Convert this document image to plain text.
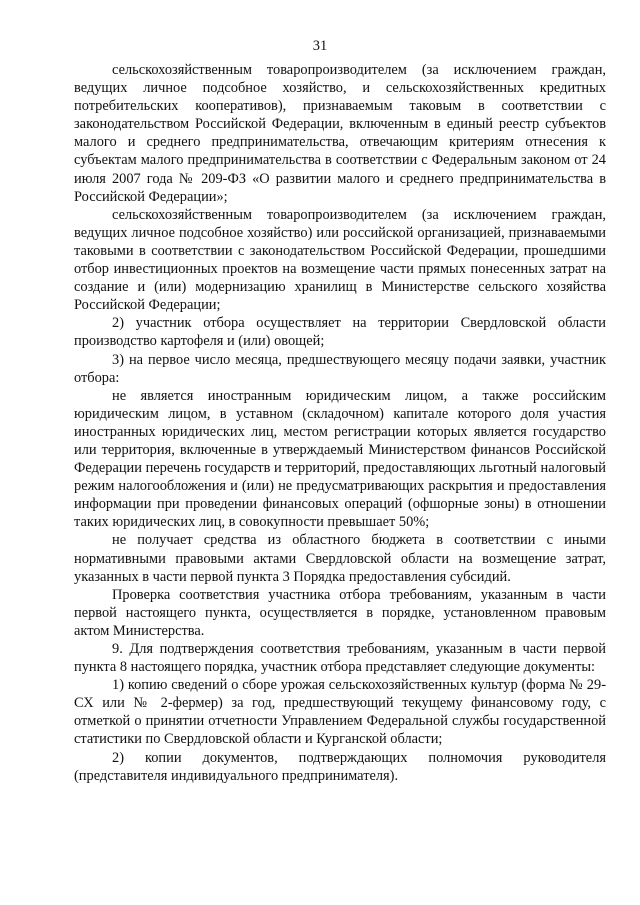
31

сельскохозяйственным товаропроизводителем (за исключением граждан, ведущих личное подсобное хозяйство, и сельскохозяйственных кредитных потребительских кооперативов), признаваемым таковым в соответствии с законодательством Российской Федерации, включенным в единый реестр субъектов малого и среднего предпринимательства, отвечающим критериям отнесения к субъектам малого предпринимательства в соответствии с Федеральным законом от 24 июля 2007 года № 209-ФЗ «О развитии малого и среднего предпринимательства в Российской Федерации»;

сельскохозяйственным товаропроизводителем (за исключением граждан, ведущих личное подсобное хозяйство) или российской организацией, признаваемыми таковыми в соответствии с законодательством Российской Федерации, прошедшими отбор инвестиционных проектов на возмещение части прямых понесенных затрат на создание и (или) модернизацию хранилищ в Министерстве сельского хозяйства Российской Федерации;

2) участник отбора осуществляет на территории Свердловской области производство картофеля и (или) овощей;

3) на первое число месяца, предшествующего месяцу подачи заявки, участник отбора:

не является иностранным юридическим лицом, а также российским юридическим лицом, в уставном (складочном) капитале которого доля участия иностранных юридических лиц, местом регистрации которых является государство или территория, включенные в утверждаемый Министерством финансов Российской Федерации перечень государств и территорий, предоставляющих льготный налоговый режим налогообложения и (или) не предусматривающих раскрытия и предоставления информации при проведении финансовых операций (офшорные зоны) в отношении таких юридических лиц, в совокупности превышает 50%;

не получает средства из областного бюджета в соответствии с иными нормативными правовыми актами Свердловской области на возмещение затрат, указанных в части первой пункта 3 Порядка предоставления субсидий.

Проверка соответствия участника отбора требованиям, указанным в части первой настоящего пункта, осуществляется в порядке, установленном правовым актом Министерства.

9. Для подтверждения соответствия требованиям, указанным в части первой пункта 8 настоящего порядка, участник отбора представляет следующие документы:

1) копию сведений о сборе урожая сельскохозяйственных культур (форма № 29-СХ или № 2-фермер) за год, предшествующий текущему финансовому году, с отметкой о принятии отчетности Управлением Федеральной службы государственной статистики по Свердловской области и Курганской области;

2) копии документов, подтверждающих полномочия руководителя (представителя индивидуального предпринимателя).
